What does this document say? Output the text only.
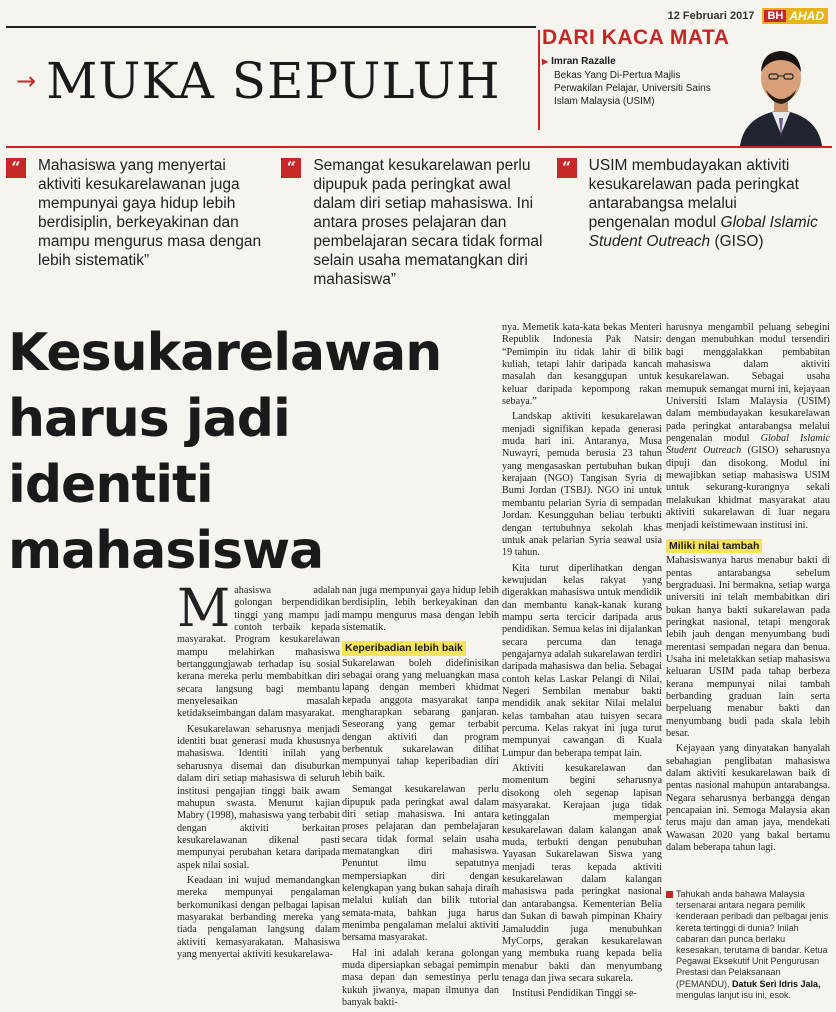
12 Februari 2017 BH AHAD
→ MUKA SEPULUH
DARI KACA MATA
▶ Imran Razalle
Bekas Yang Di-Pertua Majlis Perwakilan Pelajar, Universiti Sains Islam Malaysia (USIM)
“	Mahasiswa yang menyertai aktiviti kesukarelawanan juga mempunyai gaya hidup lebih berdisiplin, berkeyakinan dan mampu mengurus masa dengan lebih sistematik”
“	Semangat kesukarelawan perlu dipupuk pada peringkat awal dalam diri setiap mahasiswa. Ini antara proses pelajaran dan pembelajaran secara tidak formal selain usaha mematangkan diri mahasiswa”
“	USIM membudayakan aktiviti kesukarelawan pada peringkat antarabangsa melalui pengenalan modul Global Islamic Student Outreach (GISO)
Kesukarelawan harus jadi identiti mahasiswa

Mahasiswa adalah golongan berpendidikan tinggi yang mampu jadi contoh terbaik kepada masyarakat. Program kesukarelawan mampu melahirkan mahasiswa bertanggungjawab terhadap isu sosial kerana mereka perlu membabitkan diri secara langsung bagi membantu menyelesaikan masalah ketidakseimbangan dalam masyarakat.

Kesukarelawan seharusnya menjadi identiti buat generasi muda khususnya mahasiswa. Identiti inilah yang seharusnya disemai dan disuburkan dalam diri setiap mahasiswa di seluruh institusi pengajian tinggi baik awam mahupun swasta. Menurut kajian Mabry (1998), mahasiswa yang terbabit dengan aktiviti berkaitan kesukarelawanan dikenal pasti mempunyai perubahan ketara daripada aspek nilai sosial.

Keadaan ini wujud memandangkan mereka mempunyai pengalaman berkomunikasi dengan pelbagai lapisan masyarakat berbanding mereka yang tiada pengalaman langsung dalam aktiviti kemasyarakatan. Mahasiswa yang menyertai aktiviti kesukarelawa-

nan juga mempunyai gaya hidup lebih berdisiplin, lebih berkeyakinan dan mampu mengurus masa dengan lebih sistematik.

Keperibadian lebih baik

Sukarelawan boleh didefinisikan sebagai orang yang meluangkan masa lapang dengan memberi khidmat kepada anggota masyarakat tanpa mengharapkan sebarang ganjaran. Seseorang yang gemar terbabit dengan aktiviti dan program berbentuk sukarelawan dilihat mempunyai tahap keperibadian diri lebih baik.

Semangat kesukarelawan perlu dipupuk pada peringkat awal dalam diri setiap mahasiswa. Ini antara proses pelajaran dan pembelajaran secara tidak formal selain usaha mematangkan diri mahasiswa. Penuntut ilmu sepatutnya mempersiapkan diri dengan kelengkapan yang bukan sahaja diraih melalui kuliah dan bilik tutorial semata-mata, bahkan juga harus menimba pengalaman melalui aktiviti bersama masyarakat.

Hal ini adalah kerana golongan muda dipersiapkan sebagai pemimpin masa depan dan semestinya perlu kukuh jiwanya, mapan ilmunya dan banyak bakti-

nya. Memetik kata-kata bekas Menteri Republik Indonesia Pak Natsir: “Pemimpin itu tidak lahir di bilik kuliah, tetapi lahir daripada kancah masalah dan kesanggupan untuk keluar daripada kepompong rakan sebaya.”

Landskap aktiviti kesukarelawan menjadi signifikan kepada generasi muda hari ini. Antaranya, Musa Nuwayri, pemuda berusia 23 tahun yang mengasaskan pertubuhan bukan kerajaan (NGO) Tangisan Syria di Bumi Jordan (TSBJ). NGO ini untuk membantu pelarian Syria di sempadan Jordan. Kesungguhan beliau terbukti dengan tertubuhnya sekolah khas untuk anak pelarian Syria seawal usia 19 tahun.

Kita turut diperlihatkan dengan kewujudan kelas rakyat yang digerakkan mahasiswa untuk mendidik dan membantu kanak-kanak kurang mampu serta tercicir daripada arus pendidikan. Semua kelas ini dijalankan secara percuma dan tenaga pengajarnya adalah sukarelawan terdiri daripada mahasiswa dan belia. Sebagai contoh kelas Laskar Pelangi di Nilai, Negeri Sembilan menabur bakti mendidik anak sekitar Nilai melalui kelas tambahan atau tuisyen secara percuma. Kelas rakyat ini juga turut mempunyai cawangan di Kuala Lumpur dan beberapa tempat lain.

Aktiviti kesukarelawan dan momentum begini seharusnya disokong oleh segenap lapisan masyarakat. Kerajaan juga tidak ketinggalan mempergiat kesukarelawan dalam kalangan anak muda, terbukti dengan penubuhan Yayasan Sukarelawan Siswa yang menjadi teras kepada aktiviti kesukarelawan dalam kalangan mahasiswa pada peringkat nasional dan antarabangsa. Kementerian Belia dan Sukan di bawah pimpinan Khairy Jamaluddin juga menubuhkan MyCorps, gerakan kesukarelawan yang membuka ruang kepada belia menabur bakti dan menyumbang tenaga dan jiwa secara sukarela.

Institusi Pendidikan Tinggi se-

harusnya mengambil peluang sebegini dengan menubuhkan modul tersendiri bagi menggalakkan pembabitan mahasiswa dalam aktiviti kesukarelawan. Sebagai usaha memupuk semangat murni ini, kejayaan Universiti Islam Malaysia (USIM) dalam membudayakan kesukarelawan pada peringkat antarabangsa melalui pengenalan modul Global Islamic Student Outreach (GISO) seharusnya dipuji dan disokong. Modul ini mewajibkan setiap mahasiswa USIM untuk sekurang-kurangnya sekali melakukan khidmat masyarakat atau aktiviti sukarelawan di luar negara menjadi keistimewaan institusi ini.

Miliki nilai tambah

Mahasiswanya harus menabur bakti di pentas antarabangsa sebelum bergraduasi. Ini bermakna, setiap warga universiti ini telah membabitkan diri bukan hanya bakti sukarelawan pada peringkat nasional, tetapi mengorak lebih jauh dengan menyumbang budi merentasi sempadan negara dan benua. Usaha ini meletakkan setiap mahasiswa keluaran USIM pada tahap berbeza kerana mempunyai nilai tambah berbanding graduan lain serta berpeluang menabur bakti dan menyumbang budi pada skala lebih besar.

Kejayaan yang dinyatakan hanyalah sebahagian penglibatan mahasiswa dalam aktiviti kesukarelawan baik di pentas nasional mahupun antarabangsa. Negara seharusnya berbangga dengan pencapaian ini. Semoga Malaysia akan terus maju dan aman jaya, mendekati Wawasan 2020 yang bakal bertamu dalam beberapa tahun lagi.

Tahukah anda bahawa Malaysia tersenarai antara negara pemilik kenderaan peribadi dan pelbagai jenis kereta tertinggi di dunia? Inilah cabaran dan punca berlaku kesesakan, terutama di bandar. Ketua Pegawai Eksekutif Unit Pengurusan Prestasi dan Pelaksanaan (PEMANDU), Datuk Seri Idris Jala, mengulas lanjut isu ini, esok.
